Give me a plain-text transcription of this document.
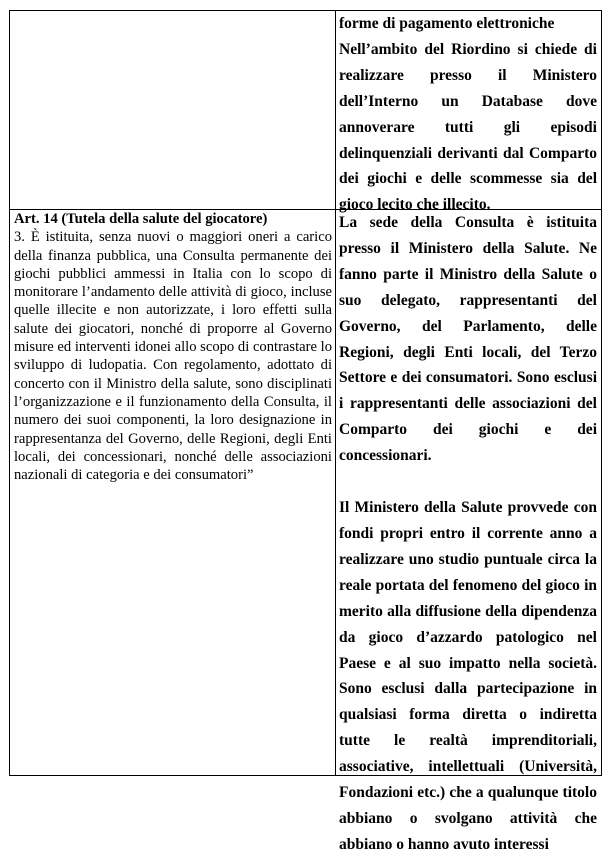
forme di pagamento elettroniche

Nell’ambito del Riordino si chiede di realizzare presso il Ministero dell’Interno un Database dove annoverare tutti gli episodi delinquenziali derivanti dal Comparto dei giochi e delle scommesse sia del gioco lecito che illecito.

Art. 14 (Tutela della salute del giocatore)

3. È istituita, senza nuovi o maggiori oneri a carico della finanza pubblica, una Consulta permanente dei giochi pubblici ammessi in Italia con lo scopo di monitorare l’andamento delle attività di gioco, incluse quelle illecite e non autorizzate, i loro effetti sulla salute dei giocatori, nonché di proporre al Governo misure ed interventi idonei allo scopo di contrastare lo sviluppo di ludopatia. Con regolamento, adottato di concerto con il Ministro della salute, sono disciplinati l’organizzazione e il funzionamento della Consulta, il numero dei suoi componenti, la loro designazione in rappresentanza del Governo, delle Regioni, degli Enti locali, dei concessionari, nonché delle associazioni nazionali di categoria e dei consumatori”

La sede della Consulta è istituita presso il Ministero della Salute. Ne fanno parte il Ministro della Salute o suo delegato, rappresentanti del Governo, del Parlamento, delle Regioni, degli Enti locali, del Terzo Settore e dei consumatori. Sono esclusi i rappresentanti delle associazioni del Comparto dei giochi e dei concessionari.

Il Ministero della Salute provvede con fondi propri entro il corrente anno a realizzare uno studio puntuale circa la reale portata del fenomeno del gioco in merito alla diffusione della dipendenza da gioco d’azzardo patologico nel Paese e al suo impatto nella società. Sono esclusi dalla partecipazione in qualsiasi forma diretta o indiretta tutte le realtà imprenditoriali, associative, intellettuali (Università, Fondazioni etc.) che a qualunque titolo abbiano o svolgano attività che abbiano o hanno avuto interessi
